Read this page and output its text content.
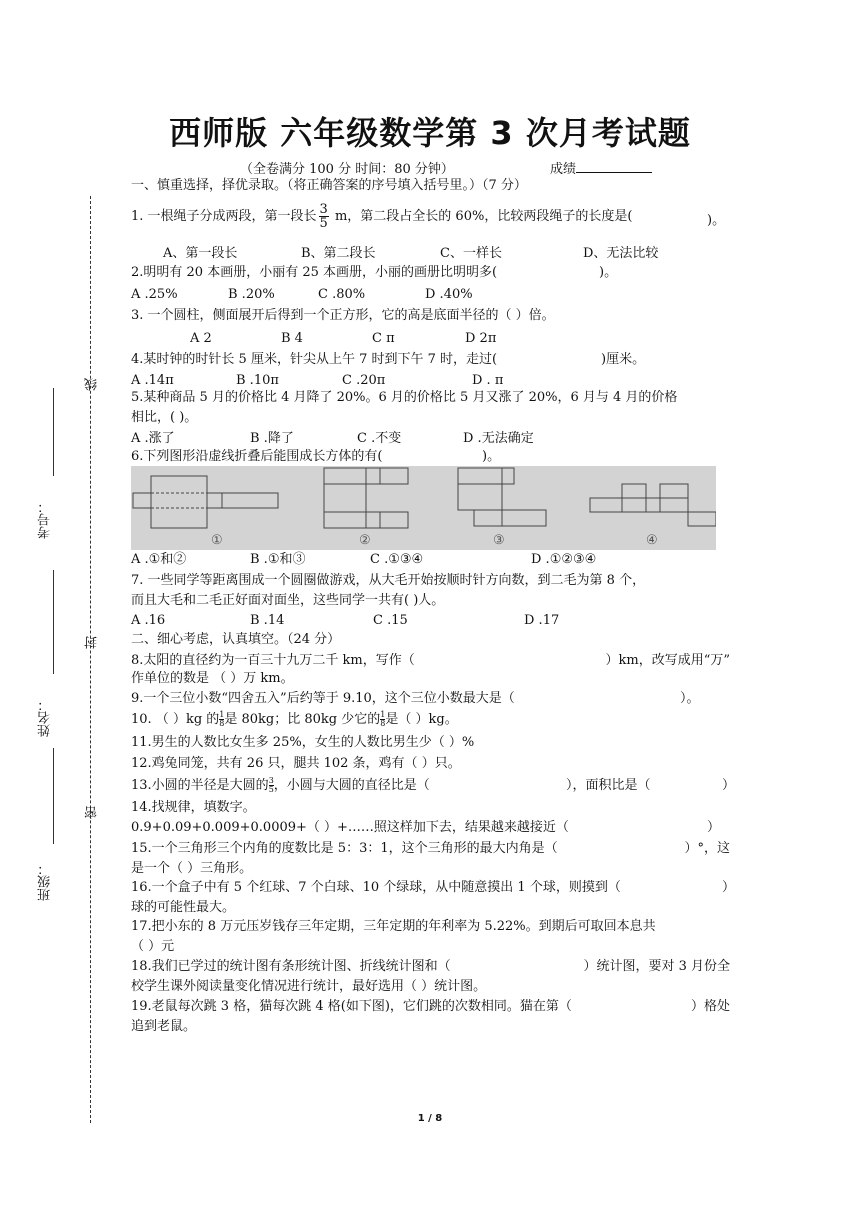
西师版 六年级数学第 3 次月考试题
（全卷满分 100 分 时间：80 分钟）	成绩
线
封
密
考号：
姓名：
班级：
一、慎重选择，择优录取。（将正确答案的序号填入括号里。）（7 分）
1. 一根绳子分成两段，第一段长 $\frac{3}{5}$ m，第二段占全长的 60%，比较两段绳子的长度是(	)。
A、第一段长	B、第二段长	C、一样长	D、无法比较
2.明明有 20 本画册，小丽有 25 本画册，小丽的画册比明明多(	)。
A .25%	B .20%	C .80%	D .40%
3. 一个圆柱，侧面展开后得到一个正方形，它的高是底面半径的（ ）倍。
A 2	B 4	C π	D 2π
4.某时钟的时针长 5 厘米，针尖从上午 7 时到下午 7 时，走过(	)厘米。
A .14π	B .10π	C .20π	D . π
5.某种商品 5 月的价格比 4 月降了 20%。6 月的价格比 5 月又涨了 20%，6 月与 4 月的价格
相比，( )。
A .涨了	B .降了	C .不变	D .无法确定
6.下列图形沿虚线折叠后能围成长方体的有(	)。
①	②	③	④
A .①和②	B .①和③	C .①③④	D .①②③④
7. 一些同学等距离围成一个圆圈做游戏，从大毛开始按顺时针方向数，到二毛为第 8 个，
而且大毛和二毛正好面对面坐，这些同学一共有( )人。
A .16	B .14	C .15	D .17
二、细心考虑，认真填空。（24 分）
8.太阳的直径约为一百三十九万二千 km，写作（	）km，改写成用“万”
作单位的数是 （ ）万 km。
9.一个三位小数“四舍五入”后约等于 9.10，这个三位小数最大是（	）。
10. （ ）kg 的 $\frac{1}{8}$ 是 80kg；比 80kg 少它的 $\frac{1}{8}$ 是（ ）kg。
11.男生的人数比女生多 25%，女生的人数比男生少（ ）%
12.鸡兔同笼，共有 26 只，腿共 102 条，鸡有（ ）只。
13.小圆的半径是大圆的 $\frac{3}{5}$ ，小圆与大圆的直径比是（	），面积比是（	）
14.找规律，填数字。
0.9+0.09+0.009+0.0009+（ ）+……照这样加下去，结果越来越接近（	）
15.一个三角形三个内角的度数比是 5：3：1，这个三角形的最大内角是（	）°，这
是一个（ ）三角形。
16.一个盒子中有 5 个红球、7 个白球、10 个绿球，从中随意摸出 1 个球，则摸到（	）
球的可能性最大。
17.把小东的 8 万元压岁钱存三年定期，三年定期的年利率为 5.22%。到期后可取回本息共
（ ）元
18.我们已学过的统计图有条形统计图、折线统计图和（	）统计图，要对 3 月份全
校学生课外阅读量变化情况进行统计，最好选用（ ）统计图。
19.老鼠每次跳 3 格，猫每次跳 4 格(如下图)，它们跳的次数相同。猫在第（	）格处
追到老鼠。
1 / 8
